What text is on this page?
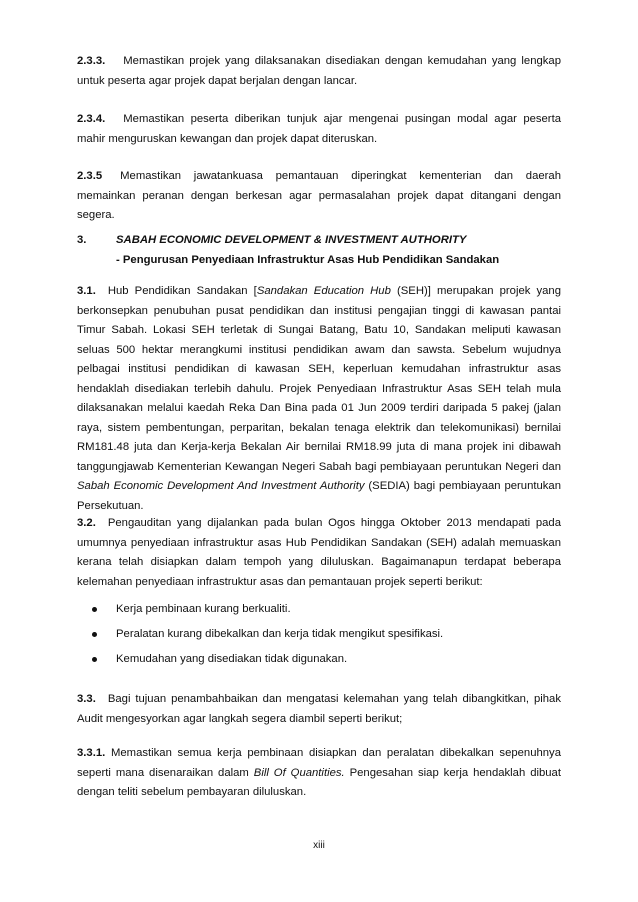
2.3.3. Memastikan projek yang dilaksanakan disediakan dengan kemudahan yang lengkap untuk peserta agar projek dapat berjalan dengan lancar.
2.3.4. Memastikan peserta diberikan tunjuk ajar mengenai pusingan modal agar peserta mahir menguruskan kewangan dan projek dapat diteruskan.
2.3.5 Memastikan jawatankuasa pemantauan diperingkat kementerian dan daerah memainkan peranan dengan berkesan agar permasalahan projek dapat ditangani dengan segera.
3.	SABAH ECONOMIC DEVELOPMENT & INVESTMENT AUTHORITY
- Pengurusan Penyediaan Infrastruktur Asas Hub Pendidikan Sandakan
3.1. Hub Pendidikan Sandakan [Sandakan Education Hub (SEH)] merupakan projek yang berkonsepkan penubuhan pusat pendidikan dan institusi pengajian tinggi di kawasan pantai Timur Sabah. Lokasi SEH terletak di Sungai Batang, Batu 10, Sandakan meliputi kawasan seluas 500 hektar merangkumi institusi pendidikan awam dan sawsta. Sebelum wujudnya pelbagai institusi pendidikan di kawasan SEH, keperluan kemudahan infrastruktur asas hendaklah disediakan terlebih dahulu. Projek Penyediaan Infrastruktur Asas SEH telah mula dilaksanakan melalui kaedah Reka Dan Bina pada 01 Jun 2009 terdiri daripada 5 pakej (jalan raya, sistem pembentungan, perparitan, bekalan tenaga elektrik dan telekomunikasi) bernilai RM181.48 juta dan Kerja-kerja Bekalan Air bernilai RM18.99 juta di mana projek ini dibawah tanggungjawab Kementerian Kewangan Negeri Sabah bagi pembiayaan peruntukan Negeri dan Sabah Economic Development And Investment Authority (SEDIA) bagi pembiayaan peruntukan Persekutuan.
3.2. Pengauditan yang dijalankan pada bulan Ogos hingga Oktober 2013 mendapati pada umumnya penyediaan infrastruktur asas Hub Pendidikan Sandakan (SEH) adalah memuaskan kerana telah disiapkan dalam tempoh yang diluluskan. Bagaimanapun terdapat beberapa kelemahan penyediaan infrastruktur asas dan pemantauan projek seperti berikut:
Kerja pembinaan kurang berkualiti.
Peralatan kurang dibekalkan dan kerja tidak mengikut spesifikasi.
Kemudahan yang disediakan tidak digunakan.
3.3. Bagi tujuan penambahbaikan dan mengatasi kelemahan yang telah dibangkitkan, pihak Audit mengesyorkan agar langkah segera diambil seperti berikut;
3.3.1. Memastikan semua kerja pembinaan disiapkan dan peralatan dibekalkan sepenuhnya seperti mana disenaraikan dalam Bill Of Quantities. Pengesahan siap kerja hendaklah dibuat dengan teliti sebelum pembayaran diluluskan.
xiii
